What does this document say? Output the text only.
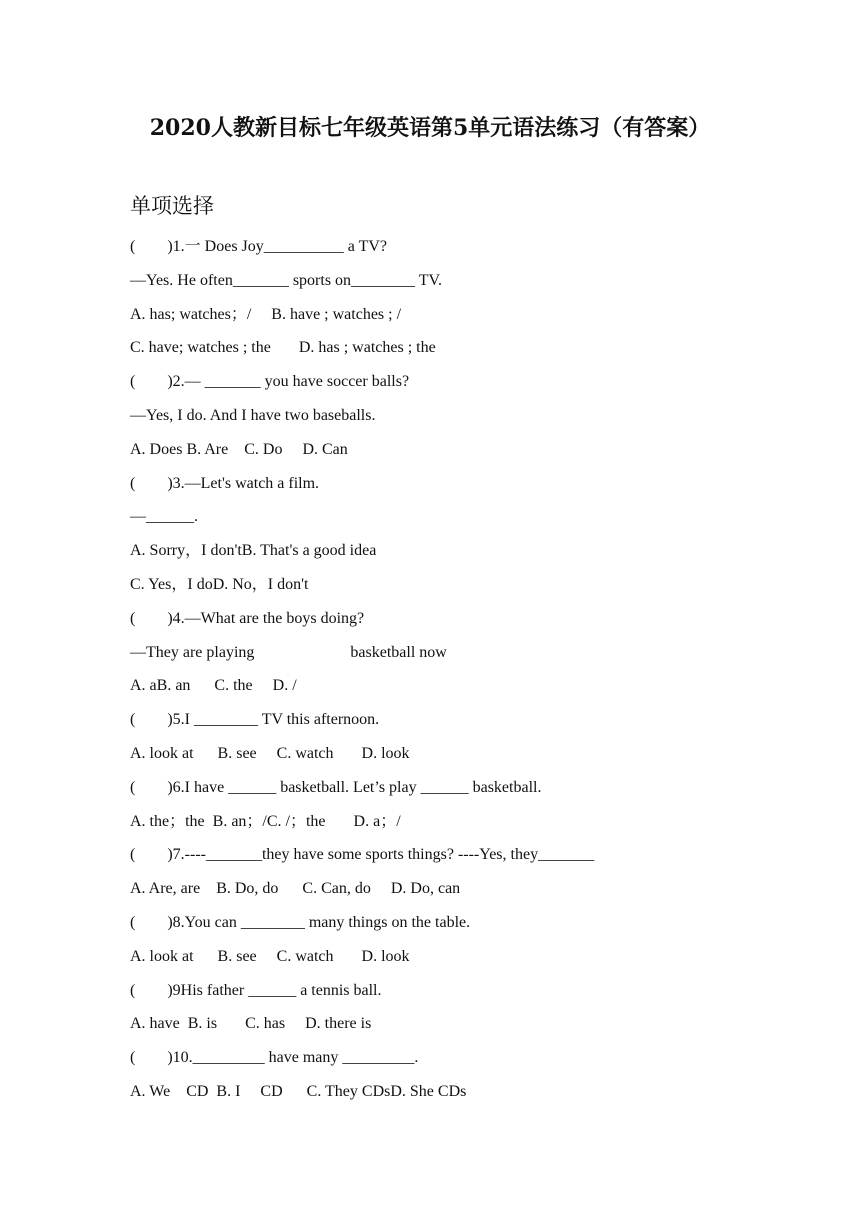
2020人教新目标七年级英语第5单元语法练习（有答案）
单项选择
(        )1.一 Does Joy__________ a TV?
—Yes. He often_______ sports on________ TV.
A. has; watches；/     B. have ; watches ; /
C. have; watches ; the       D. has ; watches ; the
(        )2.— _______ you have soccer balls?
—Yes, I do. And I have two baseballs.
A. Does B. Are    C. Do     D. Can
(        )3.—Let's watch a film.
—______.
A. Sorry，I don'tB. That's a good idea
C. Yes，I doD. No，I don't
(        )4.—What are the boys doing?
—They are playing                        basketball now
A. aB. an      C. the     D. /
(        )5.I ________ TV this afternoon.
A. look at      B. see     C. watch       D. look
(        )6.I have ______ basketball. Let’s play ______ basketball.
A. the；the  B. an；/C. /；the       D. a；/
(        )7.----_______they have some sports things? ----Yes, they_______
A. Are, are    B. Do, do      C. Can, do     D. Do, can
(        )8.You can ________ many things on the table.
A. look at      B. see     C. watch       D. look
(        )9His father ______ a tennis ball.
A. have  B. is       C. has     D. there is
(        )10._________ have many _________.
A. We    CD  B. I     CD      C. They CDsD. She CDs
